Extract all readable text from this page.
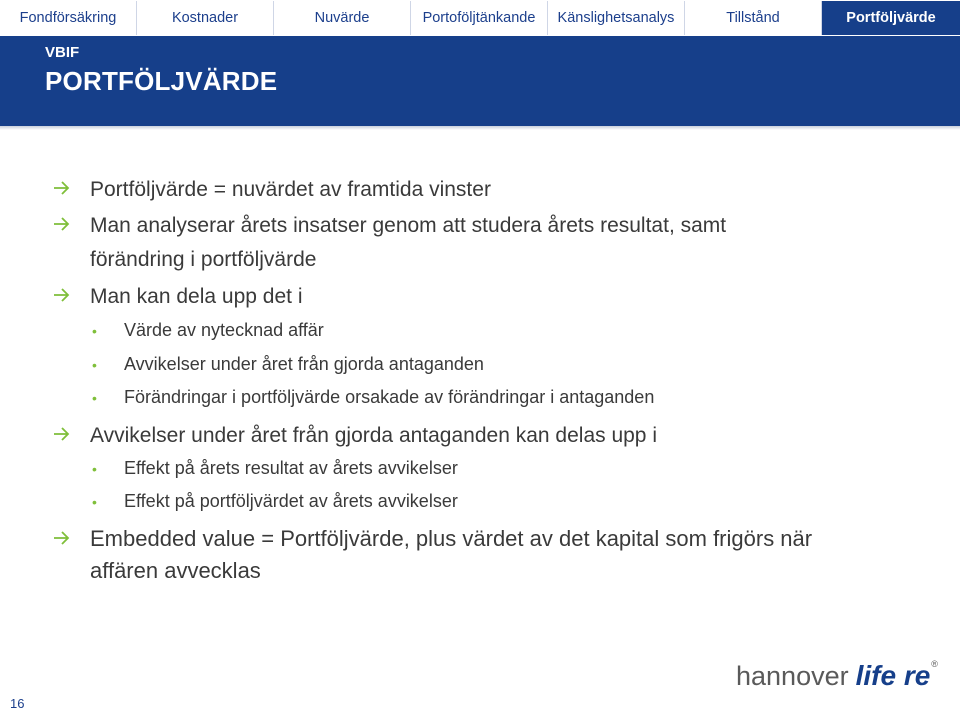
Fondförsäkring	Kostnader	Nuvärde	Portoföljtänkande	Känslighetsanalys	Tillstånd	Portföljvärde
VBIF
PORTFÖLJVÄRDE
Portföljvärde = nuvärdet av framtida vinster
Man analyserar årets insatser genom att studera årets resultat, samt
förändring i portföljvärde
Man kan dela upp det i
• Värde av nytecknad affär
• Avvikelser under året från gjorda antaganden
• Förändringar i portföljvärde orsakade av förändringar i antaganden
Avvikelser under året från gjorda antaganden kan delas upp i
• Effekt på årets resultat av årets avvikelser
• Effekt på portföljvärdet av årets avvikelser
Embedded value = Portföljvärde, plus värdet av det kapital som frigörs när
affären avvecklas
16
hannover life re ®
